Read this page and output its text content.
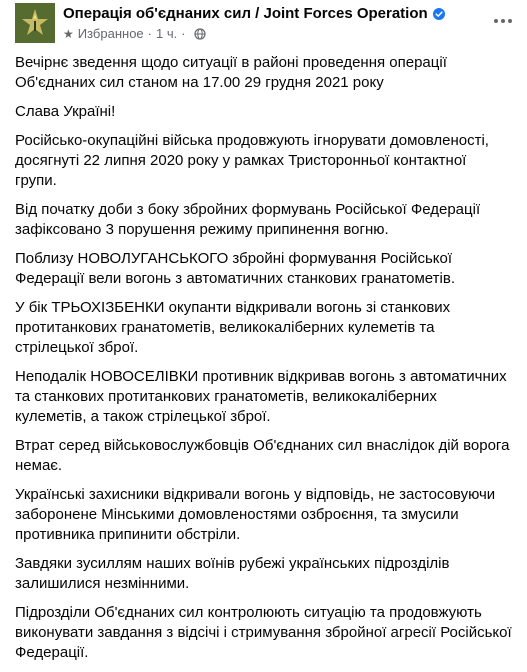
Операція об'єднаних сил / Joint Forces Operation
★ Избранное · 1 ч. ·

Вечірнє зведення щодо ситуації в районі проведення операції Об'єднаних сил станом на 17.00 29 грудня 2021 року

Слава Україні!

Російсько-окупаційні війська продовжують ігнорувати домовленості, досягнуті 22 липня 2020 року у рамках Тристоронньої контактної групи.

Від початку доби з боку збройних формувань Російської Федерації зафіксовано 3 порушення режиму припинення вогню.

Поблизу НОВОЛУГАНСЬКОГО збройні формування Російської Федерації вели вогонь з автоматичних станкових гранатометів.

У бік ТРЬОХІЗБЕНКИ окупанти відкривали вогонь зі станкових протитанкових гранатометів, великокаліберних кулеметів та стрілецької зброї.

Неподалік НОВОСЕЛІВКИ противник відкривав вогонь з автоматичних та станкових протитанкових гранатометів, великокаліберних кулеметів, а також стрілецької зброї.

Втрат серед військовослужбовців Об'єднаних сил внаслідок дій ворога немає.

Українські захисники відкривали вогонь у відповідь, не застосовуючи заборонене Мінськими домовленостями озброєння, та змусили противника припинити обстріли.

Завдяки зусиллям наших воїнів рубежі українських підрозділів залишилися незмінними.

Підрозділи Об'єднаних сил контролюють ситуацію та продовжують виконувати завдання з відсічі і стримування збройної агресії Російської Федерації.
